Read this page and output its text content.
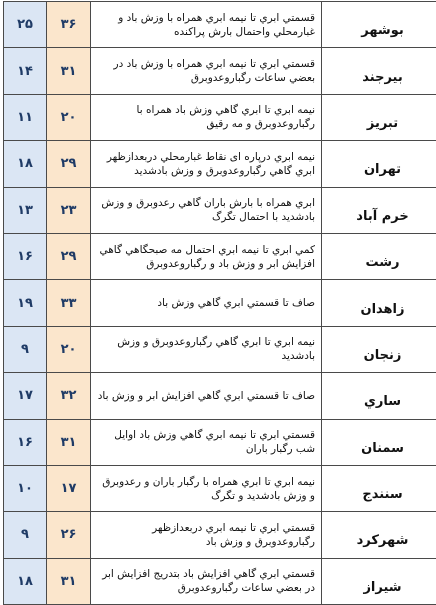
۲۵	۳۶	قسمتي ابري تا نيمه ابري همراه با وزش باد و غبارمحلي واحتمال بارش پراكنده	بوشهر
۱۴	۳۱	قسمتي ابري تا نيمه ابري همراه با وزش باد در بعضي ساعات رگباروعدوبرق	بيرجند
۱۱	۲۰	نيمه ابري تا ابري گاهي وزش باد همراه با رگباروعدوبرق و مه رقيق	تبريز
۱۸	۲۹	نيمه ابري درپاره اى نقاط غبارمحلي دربعدازظهر ابري گاهي رگباروعدوبرق و وزش بادشديد	تهران
۱۳	۲۳	ابري همراه با بارش باران گاهي رعدوبرق و وزش بادشديد با احتمال تگرگ	خرم آباد
۱۶	۲۹	كمي ابري تا نيمه ابري احتمال مه صبحگاهي گاهي افزايش ابر و وزش باد و رگباروعدوبرق	رشت
۱۹	۳۳	صاف تا قسمتي ابري گاهي وزش باد	زاهدان
۹	۲۰	نيمه ابري تا ابري گاهي رگباروعدوبرق و وزش بادشديد	زنجان
۱۷	۳۲	صاف تا قسمتي ابري گاهي افزايش ابر و وزش باد	ساري
۱۶	۳۱	قسمتي ابري تا نيمه ابري گاهي وزش باد اوايل شب رگبار باران	سمنان
۱۰	۱۷	نيمه ابري تا ابري همراه با رگبار باران و رعدوبرق و وزش بادشديد و تگرگ	سنندج
۹	۲۶	قسمتي ابري تا نيمه ابري دربعدازظهر رگباروعدوبرق و وزش باد	شهركرد
۱۸	۳۱	قسمتي ابري گاهي افزايش باد بتدريج افزايش ابر در بعضي ساعات رگباروعدوبرق	شيراز
